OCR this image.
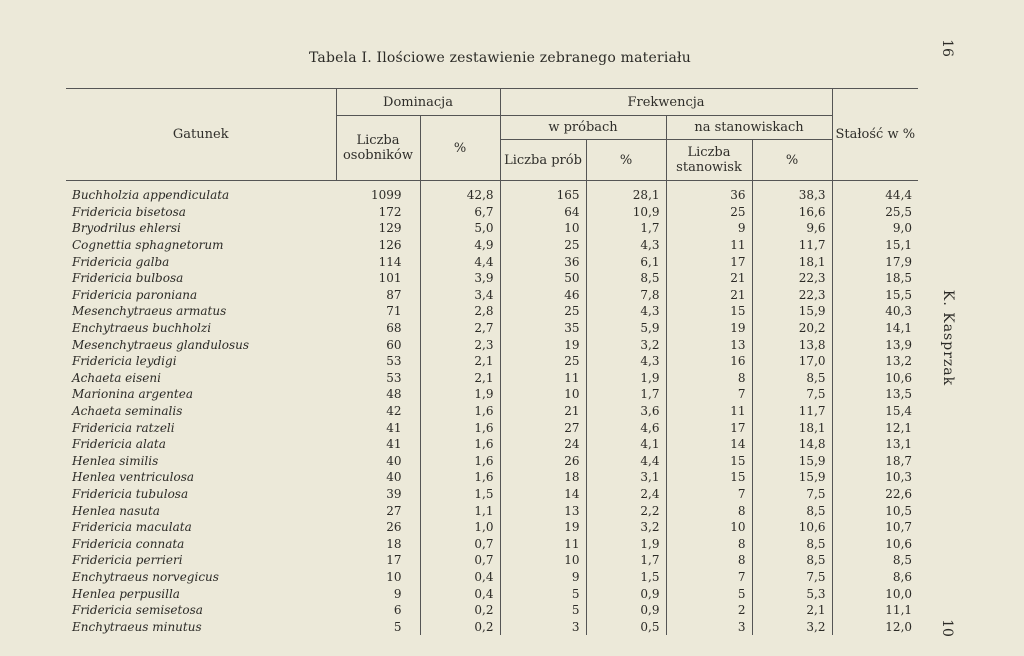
Tabela I. Ilościowe zestawienie zebranego materiału
16
K. Kasprzak
10
Gatunek	Dominacja		Frekwencja				Stałość w %
	Liczba osobników	%	w próbach		na stanowiskach		
			Liczba prób	%	Liczba stanowisk	%	
Buchholzia appendiculata	1099	42,8	165	28,1	36	38,3	44,4
Fridericia bisetosa	172	6,7	64	10,9	25	16,6	25,5
Bryodrilus ehlersi	129	5,0	10	1,7	9	9,6	9,0
Cognettia sphagnetorum	126	4,9	25	4,3	11	11,7	15,1
Fridericia galba	114	4,4	36	6,1	17	18,1	17,9
Fridericia bulbosa	101	3,9	50	8,5	21	22,3	18,5
Fridericia paroniana	87	3,4	46	7,8	21	22,3	15,5
Mesenchytraeus armatus	71	2,8	25	4,3	15	15,9	40,3
Enchytraeus buchholzi	68	2,7	35	5,9	19	20,2	14,1
Mesenchytraeus glandulosus	60	2,3	19	3,2	13	13,8	13,9
Fridericia leydigi	53	2,1	25	4,3	16	17,0	13,2
Achaeta eiseni	53	2,1	11	1,9	8	8,5	10,6
Marionina argentea	48	1,9	10	1,7	7	7,5	13,5
Achaeta seminalis	42	1,6	21	3,6	11	11,7	15,4
Fridericia ratzeli	41	1,6	27	4,6	17	18,1	12,1
Fridericia alata	41	1,6	24	4,1	14	14,8	13,1
Henlea similis	40	1,6	26	4,4	15	15,9	18,7
Henlea ventriculosa	40	1,6	18	3,1	15	15,9	10,3
Fridericia tubulosa	39	1,5	14	2,4	7	7,5	22,6
Henlea nasuta	27	1,1	13	2,2	8	8,5	10,5
Fridericia maculata	26	1,0	19	3,2	10	10,6	10,7
Fridericia connata	18	0,7	11	1,9	8	8,5	10,6
Fridericia perrieri	17	0,7	10	1,7	8	8,5	8,5
Enchytraeus norvegicus	10	0,4	9	1,5	7	7,5	8,6
Henlea perpusilla	9	0,4	5	0,9	5	5,3	10,0
Fridericia semisetosa	6	0,2	5	0,9	2	2,1	11,1
Enchytraeus minutus	5	0,2	3	0,5	3	3,2	12,0
